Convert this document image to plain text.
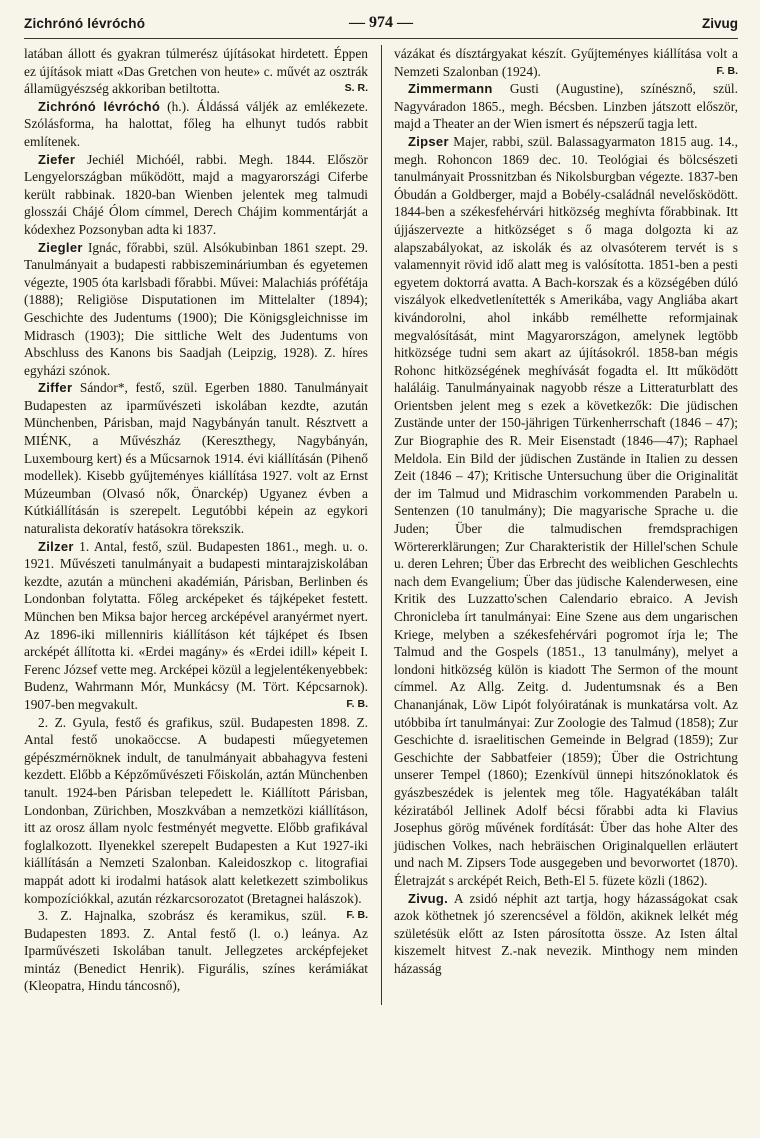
Zichrónó lévróchó	— 974 —	Zivug

latában állott és gyakran túlmerész újításokat hirdetett. Éppen ez újítások miatt «Das Gretchen von heute» c. művét az osztrák államügyészség akkoriban betiltotta.	S. R.

Zichrónó lévróchó (h.). Áldássá váljék az emlékezete. Szólásforma, ha halottat, főleg ha elhunyt tudós rabbit említenek.

Ziefer Jechiél Michóél, rabbi. Megh. 1844. Először Lengyelországban működött, majd a magyarországi Ciferbe került rabbinak. 1820-ban Wienben jelentek meg talmudi glosszái Chájé Ólom címmel, Derech Chájim kommentárját a kódexhez Pozsonyban adta ki 1837.

Ziegler Ignác, főrabbi, szül. Alsókubinban 1861 szept. 29. Tanulmányait a budapesti rabbiszemináriumban és egyetemen végezte, 1905 óta karlsbadi főrabbi. Művei: Malachiás prófétája (1888); Religiöse Disputationen im Mittelalter (1894); Geschichte des Judentums (1900); Die Königsgleichnisse im Midrasch (1903); Die sittliche Welt des Judentums von Abschluss des Kanons bis Saadjah (Leipzig, 1928). Z. híres egyházi szónok.

Ziffer Sándor*, festő, szül. Egerben 1880. Tanulmányait Budapesten az iparművészeti iskolában kezdte, azután Münchenben, Párisban, majd Nagybányán tanult. Résztvett a MIÉNK, a Művészház (Kereszthegy, Nagybányán, Luxembourg kert) és a Műcsarnok 1914. évi kiállításán (Pihenő modellek). Kisebb gyűjteményes kiállítása 1927. volt az Ernst Múzeumban (Olvasó nők, Önarckép) Ugyanez évben a Kútkiállításán is szerepelt. Legutóbbi képein az egykori naturalista dekoratív hatásokra törekszik.

Zilzer 1. Antal, festő, szül. Budapesten 1861., megh. u. o. 1921. Művészeti tanulmányait a budapesti mintarajziskolában kezdte, azután a müncheni akadémián, Párisban, Berlinben és Londonban folytatta. Főleg arcképeket és tájképeket festett. München ben Miksa bajor herceg arcképével aranyérmet nyert. Az 1896-iki millenniris kiállításon két tájképet és Ibsen arcképét állította ki. «Erdei magány» és «Erdei idill» képeit I. Ferenc József vette meg. Arcképei közül a legjelentékenyebbek: Budenz, Wahrmann Mór, Munkácsy (M. Tört. Képcsarnok). 1907-ben megvakult.	F. B.

2. Z. Gyula, festő és grafikus, szül. Budapesten 1898. Z. Antal festő unokaöccse. A budapesti műegyetemen gépészmérnöknek indult, de tanulmányait abbahagyva festeni kezdett. Előbb a Képzőművészeti Főiskolán, aztán Münchenben tanult. 1924-ben Párisban telepedett le. Kiállított Párisban, Londonban, Zürichben, Moszkvában a nemzetközi kiállításon, itt az orosz állam nyolc festményét megvette. Előbb grafikával foglalkozott. Ilyenekkel szerepelt Budapesten a Kut 1927-iki kiállításán a Nemzeti Szalonban. Kaleidoszkop c. litografiai mappát adott ki irodalmi hatások alatt keletkezett szimbolikus kompozíciókkal, azután rézkarcsorozatot (Bretagnei halászok).
F. B.

3. Z. Hajnalka, szobrász és keramikus, szül. Budapesten 1893. Z. Antal festő (l. o.) leánya. Az Iparművészeti Iskolában tanult. Jellegzetes arcképfejeket mintáz (Benedict Henrik). Figurális, színes kerámiákat (Kleopatra, Hindu táncosnő),

vázákat és dísztárgyakat készít. Gyűjteményes kiállítása volt a Nemzeti Szalonban (1924).	F. B.

Zimmermann Gusti (Augustine), színésznő, szül. Nagyváradon 1865., megh. Bécsben. Linzben játszott először, majd a Theater an der Wien ismert és népszerű tagja lett.

Zipser Majer, rabbi, szül. Balassagyarmaton 1815 aug. 14., megh. Rohoncon 1869 dec. 10. Teológiai és bölcsészeti tanulmányait Prossnitzban és Nikolsburgban végezte. 1837-ben Óbudán a Goldberger, majd a Bobély-családnál nevelősködött. 1844-ben a székesfehérvári hitközség meghívta főrabbinak. Itt újjászervezte a hitközséget s ő maga dolgozta ki az alapszabályokat, az iskolák és az olvasóterem tervét is s valamennyit rövid idő alatt meg is valósította. 1851-ben a pesti egyetem doktorrá avatta. A Bach-korszak és a községében dúló viszályok elkedvetlenítették s Amerikába, vagy Angliába akart kivándorolni, ahol inkább remélhette reformjainak megvalósítását, mint Magyarországon, amelynek legtöbb hitközsége tudni sem akart az újításokról. 1858-ban mégis Rohonc hitközségének meghívását fogadta el. Itt működött haláláig. Tanulmányainak nagyobb része a Litteraturblatt des Orientsben jelent meg s ezek a következők: Die jüdischen Zustände unter der 150-jährigen Türkenherrschaft (1846 – 47); Zur Biographie des R. Meir Eisenstadt (1846—47); Raphael Meldola. Ein Bild der jüdischen Zustände in Italien zu dessen Zeit (1846 – 47); Kritische Untersuchung über die Originalität der im Talmud und Midraschim vorkommenden Parabeln u. Sentenzen (10 tanulmány); Die magyarische Sprache u. die Juden; Über die talmudischen fremdsprachigen Wörtererklärungen; Zur Charakteristik der Hillel'schen Schule u. deren Lehren; Über das Erbrecht des weiblichen Geschlechts nach dem Evangelium; Über das jüdische Kalenderwesen, eine Kritik des Luzzatto'schen Calendario ebraico. A Jevish Chronicleba írt tanulmányai: Eine Szene aus dem ungarischen Kriege, melyben a székesfehérvári pogromot írja le; The Talmud and the Gospels (1851., 13 tanulmány), melyet a londoni hitközség külön is kiadott The Sermon of the mount címmel. Az Allg. Zeitg. d. Judentumsnak és a Ben Chananjának, Löw Lipót folyóiratának is munkatársa volt. Az utóbbiba írt tanulmányai: Zur Zoologie des Talmud (1858); Zur Geschichte d. israelitischen Gemeinde in Belgrad (1859); Zur Geschichte der Sabbatfeier (1859); Über die Ostrichtung unserer Tempel (1860); Ezenkívül ünnepi hitszónoklatok és gyászbeszédek is jelentek meg tőle. Hagyatékában talált kéziratából Jellinek Adolf bécsi főrabbi adta ki Flavius Josephus görög művének fordítását: Über das hohe Alter des jüdischen Volkes, nach hebräischen Originalquellen erläutert und nach M. Zipsers Tode ausgegeben und bevorwortet (1870). Életrajzát s arcképét Reich, Beth-El 5. füzete közli (1862).

Zivug. A zsidó néphit azt tartja, hogy házasságokat csak azok köthetnek jó szerencsével a földön, akiknek lelkét még születésük előtt az Isten párosította össze. Az Isten által kiszemelt hitvest Z.-nak nevezik. Minthogy nem minden házasság
